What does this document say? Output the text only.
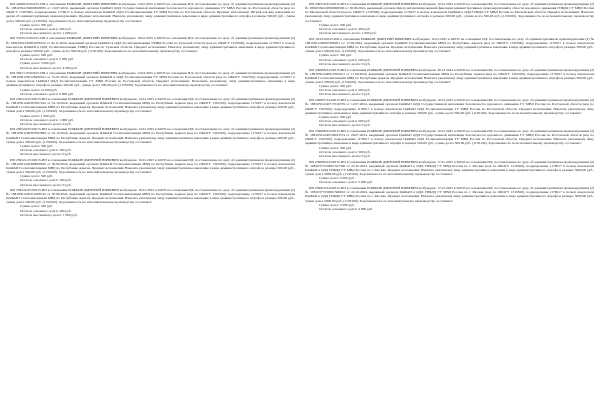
ИП 49468/25/02015-ИП в отношении РОЖКОВ ДМИТРИЙ ЮРЬЕВИЧ возбуждено 14.02.2025 в 62035 на основании ИД: постановление по делу об административном правонарушении (2) № 18810361250000028955 от 10.07.2024, выданный органом ЦАФАП ОДД Государственной инспекции безопасности дорожного движения ГУ МВД России по Ростовской области (код по ОКОГУ 1310500), подразделение 1176017 в пользу взыскателя ЦАФАП ОДД Госавтоинспекции ГУ МВД России по Ростовской области. Предмет исполнения: Штраф как вид наказания по делам об административных правонарушениях. Предмет исполнения: Наказать указанному лицу административное наказание в виде административного штрафа в размере 500,00 руб., сумма долга 500,00 руб. (1150100). Задолженность по исполнительному производству составляет:
Сумма долга: 500 руб.
Остаток основного долга: 490 руб.
Остаток неосновного долга: 1 000 руб.
ИП 53325/25/02015-ИП в отношении РОЖКОВ ДМИТРИЙ ЮРЬЕВИЧ возбуждено 18.02.2025 в 62035 на основании ИД: постановление по делу об административном правонарушении (2) № 18810361250001976522 от 20.11.2024, выданный органом ЦАФАП в ОДД Госавтоинспекции УМВД России по Тульской области (код по ОКОГУ 1310500), подразделение 1176017 в пользу взыскателя ЦАФАП в ОДД Госавтоинспекции УМВД России по Тульской области. Предмет исполнения: Наказать указанному лицу административное наказание в виде административного штрафа в размере 500,00 руб., сумма долга 500,00 руб. (1150100). Задолженность по исполнительному производству составляет:
Сумма долга: 500 руб.
Остаток основного долга: 5 000 руб.
Сумма долга: 5 000 руб.
Остаток неосновного долга: 4 900 руб.
ИП 58471/25/02015-ИП в отношении РОЖКОВ ДМИТРИЙ ЮРЬЕВИЧ возбуждено 14.04.2025 в 62035 на основании ИД: постановление по делу об административном правонарушении (2) № 18810361250128200521 от 31.01.2025, выданный органом ЦАФАП в ОДД Госавтоинспекции ГУ МВД России по Ростовской области (код по ОКОГУ 1310500), подразделение 1176017 в пользу взыскателя ЦАФАП ОДД Госавтоинспекции ГУ МВД России по Ростовской области. Предмет исполнения: Исполнить указанному лицу административное наказание в виде административного штрафа в размере 500,00 руб., сумма долга 500,00 руб. (1150100). Задолженность по исполнительному производству составляет:
Сумма долга: 10 000 руб.
Остаток основного долга: 9 800 руб.
ИП 239519/25/02015-ИП в отношении РОЖКОВ ДМИТРИЙ ЮРЬЕВИЧ возбуждено 14.01.2025 в 62035 на основании ИД: постановление по делу об административном правонарушении (2) № 18810501240307007242 от 01.10.2024, выданный органом ЦАФАП Госавтоинспекции МВД по Республике Адыгея (код по ОКОГУ 1310500), подразделение 1176017 в пользу взыскателя ЦАФАП Госавтоинспекции МВД по Республике Адыгея. Предмет исполнения: Наказать указанному лицу административное наказание в виде административного штрафа в размере 500,00 руб., сумма долга 500,00 руб. (1150100). Задолженность по исполнительному производству составляет:
Сумма долга: 1 000 руб.
Остаток основного долга: 1 000 руб.
Остаток неосновного долга: 0 руб.
ИП 239520/25/02015-ИП в отношении РОЖКОВ ДМИТРИЙ ЮРЬЕВИЧ возбуждено 14.01.2025 в 62035 на основании ИД: постановление по делу об административном правонарушении (2) № 18810501240307007889 от 01.10.2024, выданный органом ЦАФАП Госавтоинспекции МВД по Республике Адыгея (код по ОКОГУ 1310500), подразделение 1176017 в пользу взыскателя ЦАФАП Госавтоинспекции МВД по Республике Адыгея. Предмет исполнения: Наказать указанному лицу административное наказание в виде административного штрафа в размере 500,00 руб., сумма долга 500,00 руб. (1150100). Задолженность по исполнительному производству составляет:
Сумма долга: 500 руб.
Остаток основного долга: 500 руб.
Остаток неосновного долга: 0 руб.
ИП 239521/25/02015-ИП в отношении РОЖКОВ ДМИТРИЙ ЮРЬЕВИЧ возбуждено 10.01.2025 в 62035 на основании ИД: постановление по делу об административном правонарушении (2) № 18810501240309000826 от 30.09.2024, выданный органом ЦАФАП Госавтоинспекции МВД по Республике Адыгея (код по ОКОГУ 1310500), подразделение 1176017 в пользу взыскателя ЦАФАП Госавтоинспекции МВД по Республике Адыгея. Предмет исполнения: Наказать указанному лицу административное наказание в виде административного штрафа в размере 500,00 руб., сумма долга 500,00 руб. (1150100). Задолженность по исполнительному производству составляет:
Сумма долга: 500 руб.
Остаток основного долга: 500 руб.
Остаток неосновного долга: 0 руб.
ИП 239522/25/02015-ИП в отношении РОЖКОВ ДМИТРИЙ ЮРЬЕВИЧ возбуждено 10.01.2025 в 62035 на основании ИД: постановление по делу об административном правонарушении (2) № 18810501240311008745 от 30.09.2024, выданный органом ЦАФАП Госавтоинспекции МВД по Республике Адыгея (код по ОКОГУ 1310500), подразделение 1176017 в пользу взыскателя ЦАФАП Госавтоинспекции МВД по Республике Адыгея. Предмет исполнения: Наказать указанному лицу административное наказание в виде административного штрафа в размере 500,00 руб., сумма долга 500,00 руб. (1150100). Задолженность по исполнительному производству составляет:
Сумма долга: 500 руб.
Остаток основного долга: 490 руб.
Остаток неосновного долга: 1 000 руб.
ИП 239519/25/02015-ИП в отношении РОЖКОВ ДМИТРИЙ ЮРЬЕВИЧ возбуждено 10.01.2025 в 62035 на основании ИД: постановление по делу об административном правонарушении (2) № 18810562240309006500 от 30.09.2024, выданный органом Центр автоматизированной фиксации административных правонарушений в области дорожного движения ГИБДД ГУ МВД России по Московской области (код по ОКОГУ 1310500), подразделение 1176017 в пользу взыскателя ЦАФАП в ОДД ГИБДД ГУ МВД России по Московской области. Предмет исполнения: Наказать указанному лицу административное наказание в виде административного штрафа в размере 500,00 руб., сумма долга 500,00 руб. (1150100). Задолженность по исполнительному производству составляет:
Сумма долга: 500 руб.
Остаток основного долга: 490 руб.
Остаток неосновного долга: 1 000 руб.
ИП 19/25/02015-ИП в отношении РОЖКОВ ДМИТРИЙ ЮРЬЕВИЧ возбуждено 10.01.2025 в 62035 на основании ИД: постановление по делу об административном правонарушении (2) № 18810501240907488201 от 17.09.2024, выданный органом ЦАФАП Госавтоинспекции МВД по Республике Адыгея (код по ОКОГУ 1310500), подразделение 1176017 в пользу взыскателя ЦАФАП Госавтоинспекции МВД по Республике Адыгея. Предмет исполнения: Наказать указанному лицу административное наказание в виде административного штрафа в размере 500,00 руб., сумма долга 500,00 руб. (1150100). Задолженность по исполнительному производству составляет:
Сумма долга: 500 руб.
Остаток основного долга: 500 руб.
Остаток неосновного долга: 0 руб.
ИП 239806/24/02015-ИП в отношении РОЖКОВ ДМИТРИЙ ЮРЬЕВИЧ возбуждено 30.12.2024 в 62035 на основании ИД: постановление по делу об административном правонарушении (2) № 18810501240917063101 от 17.09.2024, выданный органом ЦАФАП Госавтоинспекции МВД по Республике Адыгея (код по ОКОГУ 1310500), подразделение 1176017 в пользу взыскателя ЦАФАП Госавтоинспекции МВД по Республике Адыгея. Предмет исполнения: Наказать указанному лицу административное наказание в виде административного штрафа в размере 500,00 руб., сумма долга 500,00 руб. (1150100). Задолженность по исполнительному производству составляет:
Сумма долга: 500 руб.
Остаток основного долга: 500 руб.
Остаток неосновного долга: 0 руб.
ИП 239807/24/02015-ИП в отношении РОЖКОВ ДМИТРИЙ ЮРЬЕВИЧ возбуждено 10.01.2025 в 62035 на основании ИД: постановление по делу об административном правонарушении (2) № 18810501240717016729 от 12.07.2024, выданный органом ЦАФАП ОДД Государственной инспекции безопасности дорожного движения ГУ МВД России по Ростовской области (код по ОКОГУ 1310500), подразделение 1176017 в пользу взыскателя ЦАФАП ОДД Госавтоинспекции ГУ МВД России по Ростовской области. Предмет исполнения: Наказать указанному лицу административное наказание в виде административного штрафа в размере 500,00 руб., сумма долга 500,00 руб. (1150100). Задолженность по исполнительному производству составляет:
Сумма долга: 500 руб.
Остаток основного долга: 500 руб.
Остаток неосновного долга: 0 руб.
ИП 239808/24/02015-ИП в отношении РОЖКОВ ДМИТРИЙ ЮРЬЕВИЧ возбуждено 10.01.2025 в 62035 на основании ИД: постановление по делу об административном правонарушении (2) № 18810501240726023574 от 26.07.2024, выданный органом ЦАФАП ОДД Государственной инспекции безопасности дорожного движения ГУ МВД России по Ростовской области (код по ОКОГУ 1310500), подразделение 1176017 в пользу взыскателя ЦАФАП ОДД Госавтоинспекции ГУ МВД России по Ростовской области. Предмет исполнения: Наказать указанному лицу административное наказание в виде административного штрафа в размере 500,00 руб., сумма долга 500,00 руб. (1150100). Задолженность по исполнительному производству составляет:
Сумма долга: 500 руб.
Остаток основного долга: 500 руб.
Остаток неосновного долга: 0 руб.
ИП 239809/24/02015-ИП в отношении РОЖКОВ ДМИТРИЙ ЮРЬЕВИЧ возбуждено 17.01.2025 в 62035 на основании ИД: постановление по делу об административном правонарушении (2) № 18810377250001527500 от 22.10.2024, выданный органом ЦАФАП в ОДД ГИБДД ГУ МВД России по г. Москве (код по ОКОГУ 1310500), подразделение 1176017 в пользу взыскателя ЦАФАП в ОДД ГИБДД ГУ МВД России по г. Москве. Предмет исполнения: Наказать указанному лицу административное наказание в виде административного штрафа в размере 5000,00 руб., сумма долга 5000,00 руб. (1150100). Задолженность по исполнительному производству составляет:
Сумма долга: 5 000 руб.
Остаток основного долга: 5 000 руб.
ИП 239810/24/02015-ИП в отношении РОЖКОВ ДМИТРИЙ ЮРЬЕВИЧ возбуждено 17.01.2025 в 62035 на основании ИД: постановление по делу об административном правонарушении (2) № 18810377250001560010 от 22.10.2024, выданный органом ЦАФАП в ОДД ГИБДД ГУ МВД России по г. Москве (код по ОКОГУ 1310500), подразделение 1176017 в пользу взыскателя ЦАФАП в ОДД ГИБДД ГУ МВД России по г. Москве. Предмет исполнения: Наказать указанному лицу административное наказание в виде административного штрафа в размере 5000,00 руб., сумма долга 5000,00 руб. (1150100). Задолженность по исполнительному производству составляет:
Сумма долга: 5 000 руб.
Остаток основного долга: 4 900 руб.
